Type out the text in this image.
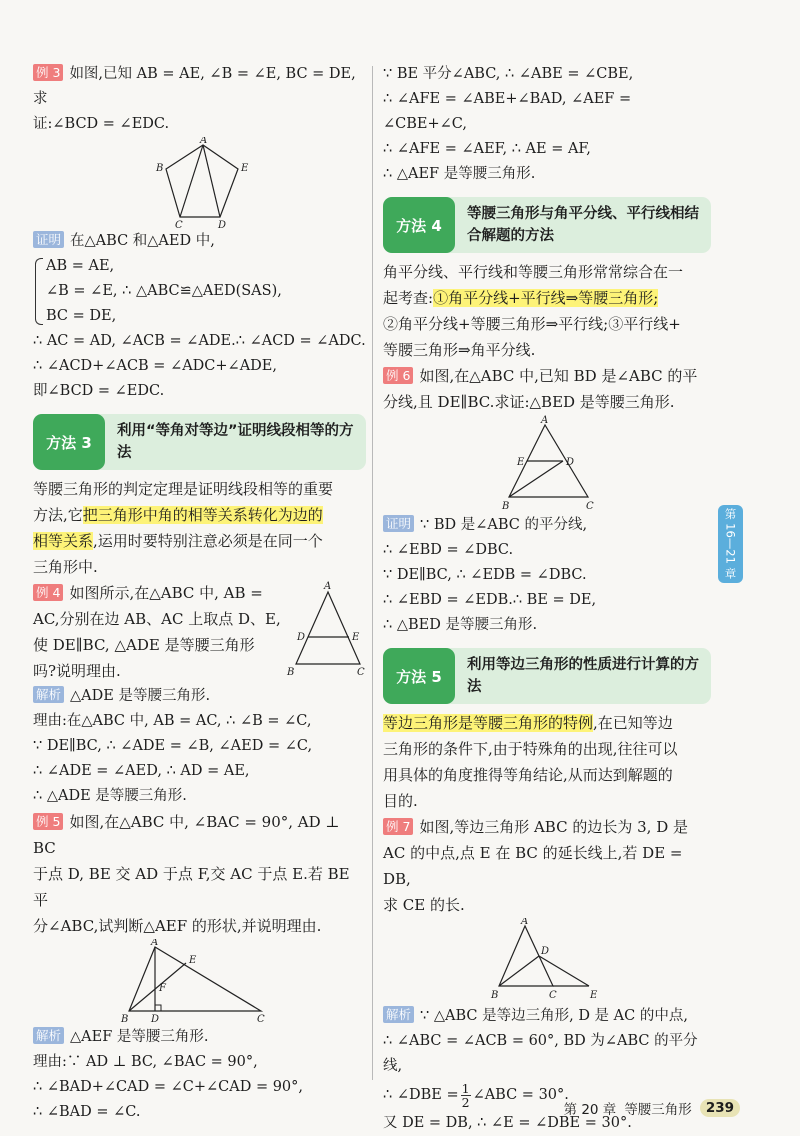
例 3 如图,已知 AB = AE, ∠B = ∠E, BC = DE,求

证:∠BCD = ∠EDC.

A
B	E
C	D

证明 在△ABC 和△AED 中,

AB = AE,

∠B = ∠E, ∴ △ABC≌△AED(SAS),

BC = DE,

∴ AC = AD, ∠ACB = ∠ADE.∴ ∠ACD = ∠ADC.

∴ ∠ACD+∠ACB = ∠ADC+∠ADE,

即∠BCD = ∠EDC.

方法 3
利用“等角对等边”证明线段相等的方法

等腰三角形的判定定理是证明线段相等的重要

方法,它把三角形中角的相等关系转化为边的

相等关系,运用时要特别注意必须是在同一个

三角形中.

例 4 如图所示,在△ABC 中, AB =

AC,分别在边 AB、AC 上取点 D、E,

使 DE∥BC, △ADE 是等腰三角形

吗?说明理由.

A
D	E
B	C

解析 △ADE 是等腰三角形.

理由:在△ABC 中, AB = AC, ∴ ∠B = ∠C,

∵ DE∥BC, ∴ ∠ADE = ∠B, ∠AED = ∠C,

∴ ∠ADE = ∠AED, ∴ AD = AE,

∴ △ADE 是等腰三角形.

例 5 如图,在△ABC 中, ∠BAC = 90°, AD ⊥ BC

于点 D, BE 交 AD 于点 F,交 AC 于点 E.若 BE 平

分∠ABC,试判断△AEF 的形状,并说明理由.

A
E
F
B D	C

解析 △AEF 是等腰三角形.

理由:∵ AD ⊥ BC, ∠BAC = 90°,

∴ ∠BAD+∠CAD = ∠C+∠CAD = 90°,

∴ ∠BAD = ∠C.

∵ BE 平分∠ABC, ∴ ∠ABE = ∠CBE,

∴ ∠AFE = ∠ABE+∠BAD, ∠AEF = ∠CBE+∠C,

∴ ∠AFE = ∠AEF, ∴ AE = AF,

∴ △AEF 是等腰三角形.

方法 4
等腰三角形与角平分线、平行线相结合解题的方法

角平分线、平行线和等腰三角形常常综合在一

起考查:①角平分线+平行线⇒等腰三角形;

②角平分线+等腰三角形⇒平行线;③平行线+

等腰三角形⇒角平分线.

例 6 如图,在△ABC 中,已知 BD 是∠ABC 的平

分线,且 DE∥BC.求证:△BED 是等腰三角形.

A
E	D
B	C

证明 ∵ BD 是∠ABC 的平分线,

∴ ∠EBD = ∠DBC.

∵ DE∥BC, ∴ ∠EDB = ∠DBC.

∴ ∠EBD = ∠EDB.∴ BE = DE,

∴ △BED 是等腰三角形.

方法 5
利用等边三角形的性质进行计算的方法

等边三角形是等腰三角形的特例,在已知等边

三角形的条件下,由于特殊角的出现,往往可以

用具体的角度推得等角结论,从而达到解题的

目的.

例 7 如图,等边三角形 ABC 的边长为 3, D 是

AC 的中点,点 E 在 BC 的延长线上,若 DE = DB,

求 CE 的长.

A
D
B	C	E

解析 ∵ △ABC 是等边三角形, D 是 AC 的中点,

∴ ∠ABC = ∠ACB = 60°, BD 为∠ABC 的平分线,

∴ ∠DBE = $\frac{1}{2}$ ∠ABC = 30°.

又 DE = DB, ∴ ∠E = ∠DBE = 30°.

第 16—21 章
第 20 章 等腰三角形	239
